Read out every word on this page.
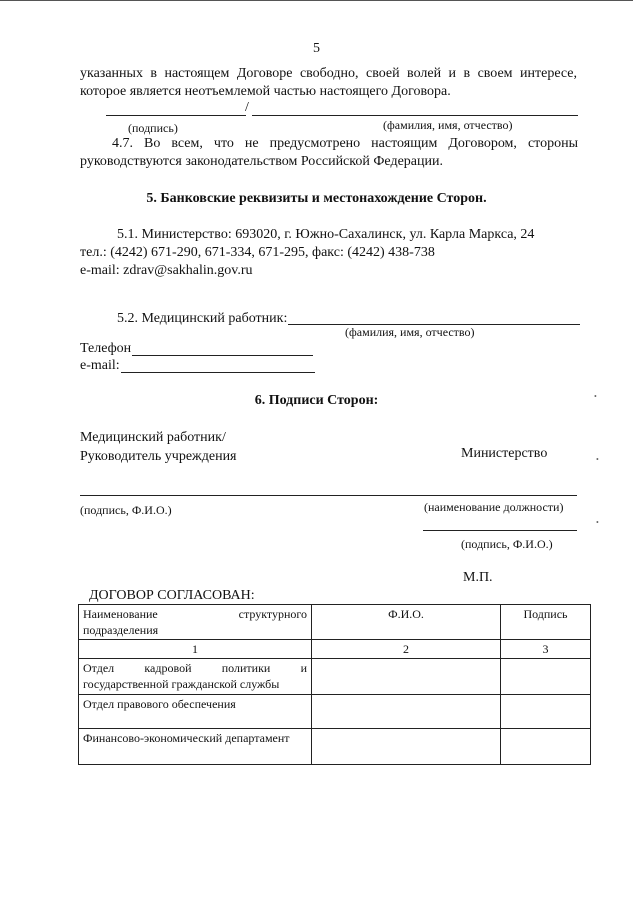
5
указанных в настоящем Договоре свободно, своей волей и в своем интересе,
которое является неотъемлемой частью настоящего Договора.
/
(подпись)	(фамилия, имя, отчество)
4.7. Во всем, что не предусмотрено настоящим Договором, стороны
руководствуются законодательством Российской Федерации.
5. Банковские реквизиты и местонахождение Сторон.
5.1. Министерство: 693020, г. Южно-Сахалинск, ул. Карла Маркса, 24
тел.: (4242) 671-290, 671-334, 671-295, факс: (4242) 438-738
e-mail: zdrav@sakhalin.gov.ru
5.2. Медицинский работник:
(фамилия, имя, отчество)
Телефон
e-mail:
6. Подписи Сторон:
Медицинский работник/
Руководитель учреждения	Министерство
(подпись, Ф.И.О.)	(наименование должности)
(подпись, Ф.И.О.)
М.П.
ДОГОВОР СОГЛАСОВАН:
Наименование структурного
подразделения	Ф.И.О.	Подпись
1	2	3

Отдел кадровой политики и
государственной гражданской службы		

Отдел правового обеспечения		

Финансово-экономический департамент		

•
•
•
